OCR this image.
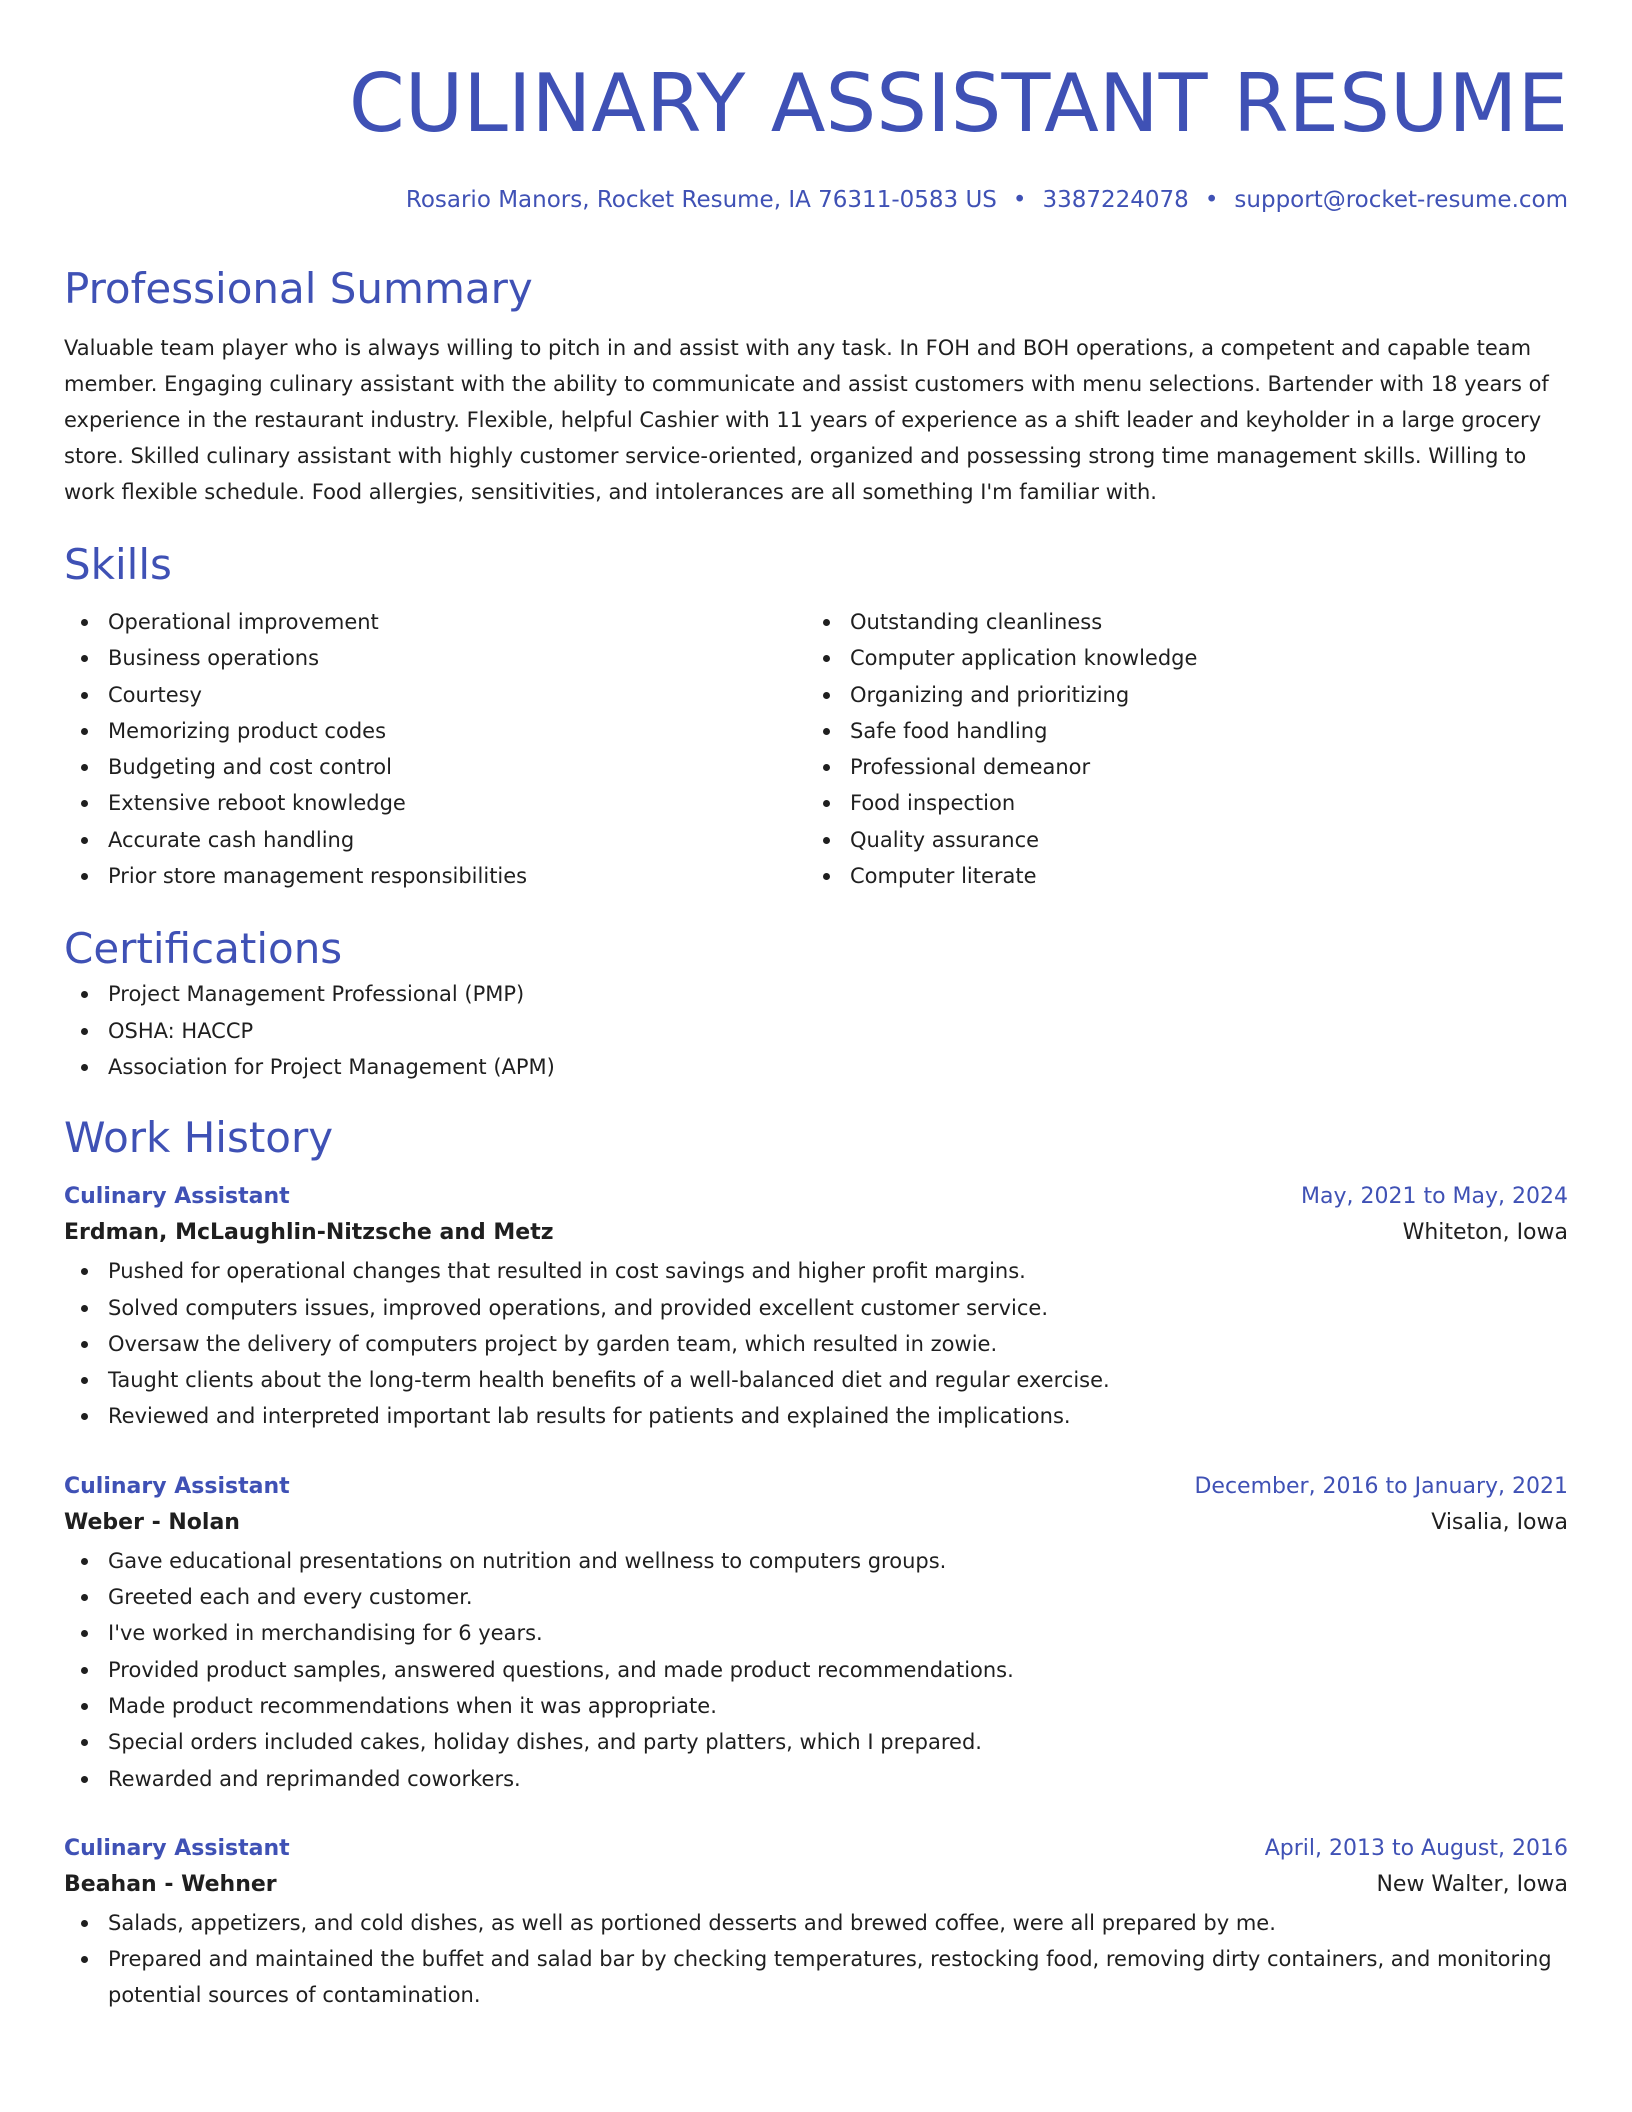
CULINARY ASSISTANT RESUME
Rosario Manors, Rocket Resume, IA 76311-0583 US • 3387224078 • support@rocket-resume.com
Professional Summary

Valuable team player who is always willing to pitch in and assist with any task. In FOH and BOH operations, a competent and capable team member. Engaging culinary assistant with the ability to communicate and assist customers with menu selections. Bartender with 18 years of experience in the restaurant industry. Flexible, helpful Cashier with 11 years of experience as a shift leader and keyholder in a large grocery store. Skilled culinary assistant with highly customer service-oriented, organized and possessing strong time management skills. Willing to work flexible schedule. Food allergies, sensitivities, and intolerances are all something I'm familiar with.

Skills
Operational improvement
Business operations
Courtesy
Memorizing product codes
Budgeting and cost control
Extensive reboot knowledge
Accurate cash handling
Prior store management responsibilities
Outstanding cleanliness
Computer application knowledge
Organizing and prioritizing
Safe food handling
Professional demeanor
Food inspection
Quality assurance
Computer literate
Certifications
Project Management Professional (PMP)
OSHA: HACCP
Association for Project Management (APM)
Work History
Culinary Assistant	May, 2021 to May, 2024
Erdman, McLaughlin-Nitzsche and Metz	Whiteton, Iowa
Pushed for operational changes that resulted in cost savings and higher profit margins.
Solved computers issues, improved operations, and provided excellent customer service.
Oversaw the delivery of computers project by garden team, which resulted in zowie.
Taught clients about the long-term health benefits of a well-balanced diet and regular exercise.
Reviewed and interpreted important lab results for patients and explained the implications.
Culinary Assistant	December, 2016 to January, 2021
Weber - Nolan	Visalia, Iowa
Gave educational presentations on nutrition and wellness to computers groups.
Greeted each and every customer.
I've worked in merchandising for 6 years.
Provided product samples, answered questions, and made product recommendations.
Made product recommendations when it was appropriate.
Special orders included cakes, holiday dishes, and party platters, which I prepared.
Rewarded and reprimanded coworkers.
Culinary Assistant	April, 2013 to August, 2016
Beahan - Wehner	New Walter, Iowa
Salads, appetizers, and cold dishes, as well as portioned desserts and brewed coffee, were all prepared by me.
Prepared and maintained the buffet and salad bar by checking temperatures, restocking food, removing dirty containers, and monitoring potential sources of contamination.
